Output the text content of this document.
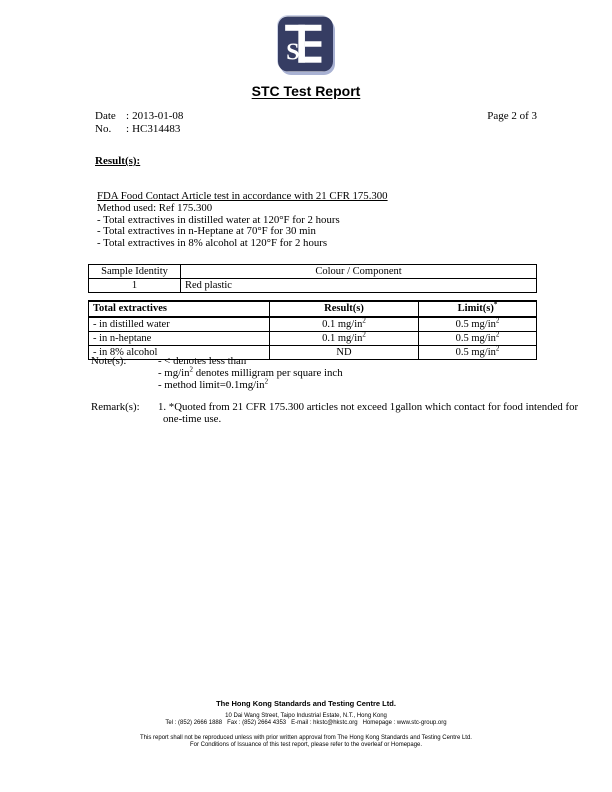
S
STC Test Report
Date : 2013-01-08
No. : HC314483
Page 2 of 3
Result(s):
FDA Food Contact Article test in accordance with 21 CFR 175.300
Method used: Ref 175.300
- Total extractives in distilled water at 120°F for 2 hours
- Total extractives in n-Heptane at 70°F for 30 min
- Total extractives in 8% alcohol at 120°F for 2 hours
Sample Identity	Colour / Component
1	Red plastic
Total extractives	Result(s)	Limit(s)*
- in distilled water	0.1 $mg/in^2$	0.5 $mg/in^2$
- in n-heptane	0.1 $mg/in^2$	0.5 $mg/in^2$
- in 8% alcohol	ND	0.5 $mg/in^2$
Note(s):	- < denotes less than
- $mg/in^2$ denotes milligram per square inch
- method $limit=0.1mg/in^2$
Remark(s):	1. *Quoted from 21 CFR 175.300 articles not exceed 1gallon which contact for food intended for
one-time use.
The Hong Kong Standards and Testing Centre Ltd.
10 Dai Wang Street, Taipo Industrial Estate, N.T., Hong Kong
Tel : (852) 2666 1888   Fax : (852) 2664 4353   E-mail : hkstc@hkstc.org   Homepage : www.stc-group.org
This report shall not be reproduced unless with prior written approval from The Hong Kong Standards and Testing Centre Ltd.
For Conditions of Issuance of this test report, please refer to the overleaf or Homepage.
